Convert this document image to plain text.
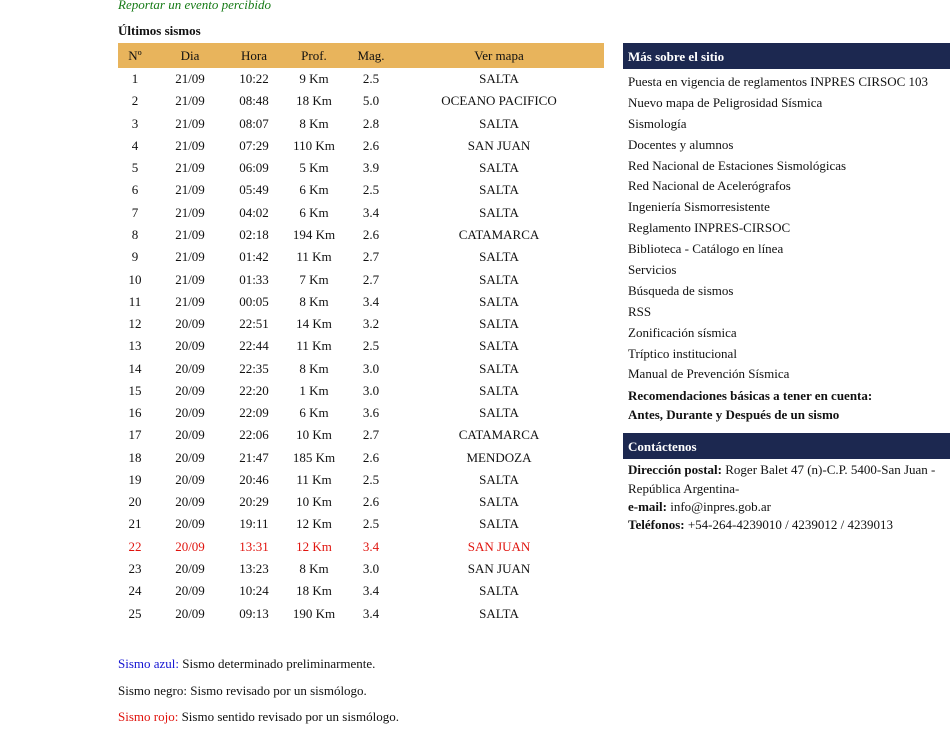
Reportar un evento percibido

Últimos sismos

Nº	Dia	Hora	Prof.	Mag.	Ver mapa
1	21/09	10:22	9 Km	2.5	SALTA
2	21/09	08:48	18 Km	5.0	OCEANO PACIFICO
3	21/09	08:07	8 Km	2.8	SALTA
4	21/09	07:29	110 Km	2.6	SAN JUAN
5	21/09	06:09	5 Km	3.9	SALTA
6	21/09	05:49	6 Km	2.5	SALTA
7	21/09	04:02	6 Km	3.4	SALTA
8	21/09	02:18	194 Km	2.6	CATAMARCA
9	21/09	01:42	11 Km	2.7	SALTA
10	21/09	01:33	7 Km	2.7	SALTA
11	21/09	00:05	8 Km	3.4	SALTA
12	20/09	22:51	14 Km	3.2	SALTA
13	20/09	22:44	11 Km	2.5	SALTA
14	20/09	22:35	8 Km	3.0	SALTA
15	20/09	22:20	1 Km	3.0	SALTA
16	20/09	22:09	6 Km	3.6	SALTA
17	20/09	22:06	10 Km	2.7	CATAMARCA
18	20/09	21:47	185 Km	2.6	MENDOZA
19	20/09	20:46	11 Km	2.5	SALTA
20	20/09	20:29	10 Km	2.6	SALTA
21	20/09	19:11	12 Km	2.5	SALTA
22	20/09	13:31	12 Km	3.4	SAN JUAN
23	20/09	13:23	8 Km	3.0	SAN JUAN
24	20/09	10:24	18 Km	3.4	SALTA
25	20/09	09:13	190 Km	3.4	SALTA
Más sobre el sitio
Puesta en vigencia de reglamentos INPRES CIRSOC 103
Nuevo mapa de Peligrosidad Sísmica
Sismología
Docentes y alumnos
Red Nacional de Estaciones Sismológicas
Red Nacional de Acelerógrafos
Ingeniería Sismorresistente
Reglamento INPRES-CIRSOC
Biblioteca - Catálogo en línea
Servicios
Búsqueda de sismos
RSS
Zonificación sísmica
Tríptico institucional
Manual de Prevención Sísmica
Recomendaciones básicas a tener en cuenta:
Antes, Durante y Después de un sismo
Contáctenos
Dirección postal: Roger Balet 47 (n)-C.P. 5400-San Juan -República Argentina-
e-mail: info@inpres.gob.ar
Teléfonos: +54-264-4239010 / 4239012 / 4239013

Sismo azul: Sismo determinado preliminarmente.

Sismo negro: Sismo revisado por un sismólogo.

Sismo rojo: Sismo sentido revisado por un sismólogo.
